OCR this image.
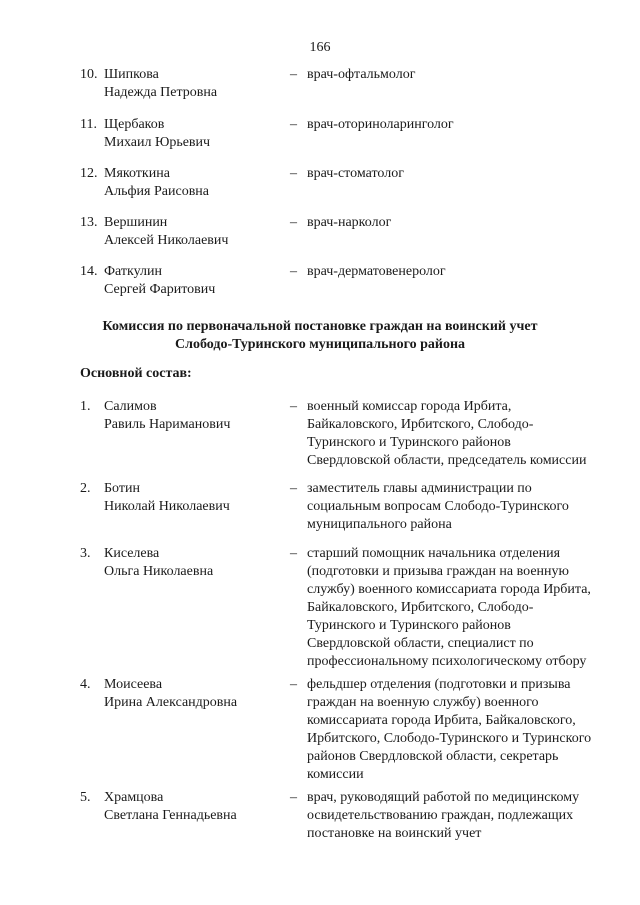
166
10. Шипкова
Надежда Петровна
– врач-офтальмолог
11. Щербаков
Михаил Юрьевич
– врач-оториноларинголог
12. Мякоткина
Альфия Раисовна
– врач-стоматолог
13. Вершинин
Алексей Николаевич
– врач-нарколог
14. Фаткулин
Сергей Фаритович
– врач-дерматовенеролог
Комиссия по первоначальной постановке граждан на воинский учет
Слободо-Туринского муниципального района
Основной состав:
1. Салимов
Равиль Нариманович
– военный комиссар города Ирбита,
Байкаловского, Ирбитского, Слободо-
Туринского и Туринского районов
Свердловской области, председатель комиссии
2. Ботин
Николай Николаевич
– заместитель главы администрации по
социальным вопросам Слободо-Туринского
муниципального района
3. Киселева
Ольга Николаевна
– старший помощник начальника отделения
(подготовки и призыва граждан на военную
службу) военного комиссариата города Ирбита,
Байкаловского, Ирбитского, Слободо-
Туринского и Туринского районов
Свердловской области, специалист по
профессиональному психологическому отбору
4. Моисеева
Ирина Александровна
– фельдшер отделения (подготовки и призыва
граждан на военную службу) военного
комиссариата города Ирбита, Байкаловского,
Ирбитского, Слободо-Туринского и Туринского
районов Свердловской области, секретарь
комиссии
5. Храмцова
Светлана Геннадьевна
– врач, руководящий работой по медицинскому
освидетельствованию граждан, подлежащих
постановке на воинский учет
